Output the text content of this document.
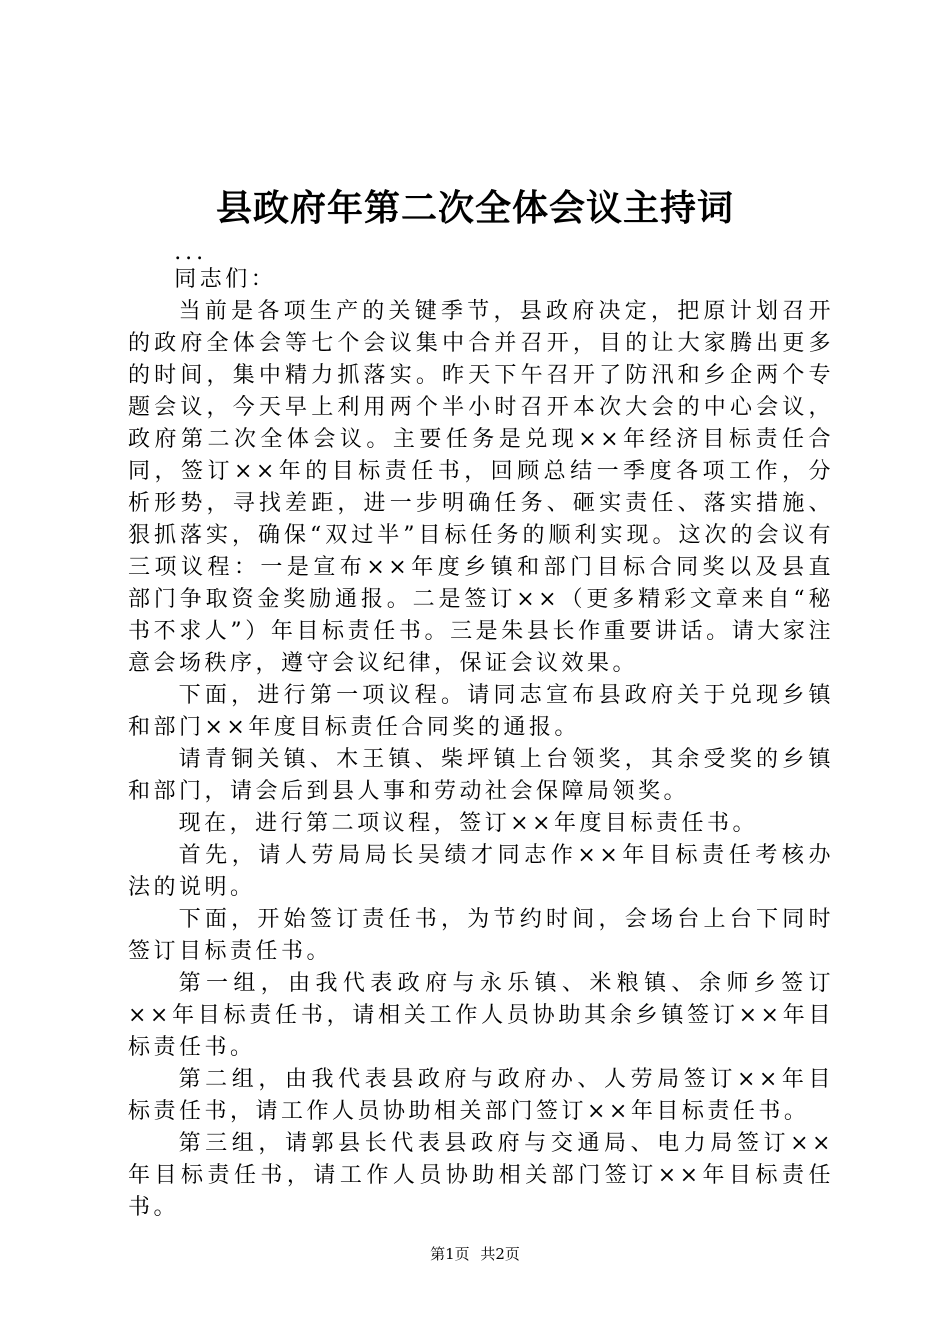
县政府年第二次全体会议主持词

...

同志们：

当前是各项生产的关键季节，县政府决定，把原计划召开的政府全体会等七个会议集中合并召开，目的让大家腾出更多的时间，集中精力抓落实。昨天下午召开了防汛和乡企两个专题会议，今天早上利用两个半小时召开本次大会的中心会议，政府第二次全体会议。主要任务是兑现××年经济目标责任合同，签订××年的目标责任书，回顾总结一季度各项工作，分析形势，寻找差距，进一步明确任务、砸实责任、落实措施、狠抓落实，确保“双过半”目标任务的顺利实现。这次的会议有三项议程：一是宣布××年度乡镇和部门目标合同奖以及县直部门争取资金奖励通报。二是签订××（更多精彩文章来自“秘书不求人”）年目标责任书。三是朱县长作重要讲话。请大家注意会场秩序，遵守会议纪律，保证会议效果。

下面，进行第一项议程。请同志宣布县政府关于兑现乡镇和部门××年度目标责任合同奖的通报。

请青铜关镇、木王镇、柴坪镇上台领奖，其余受奖的乡镇和部门，请会后到县人事和劳动社会保障局领奖。

现在，进行第二项议程，签订××年度目标责任书。

首先，请人劳局局长吴绩才同志作××年目标责任考核办法的说明。

下面，开始签订责任书，为节约时间，会场台上台下同时签订目标责任书。

第一组，由我代表政府与永乐镇、米粮镇、余师乡签订××年目标责任书，请相关工作人员协助其余乡镇签订××年目标责任书。

第二组，由我代表县政府与政府办、人劳局签订××年目标责任书，请工作人员协助相关部门签订××年目标责任书。

第三组，请郭县长代表县政府与交通局、电力局签订××年目标责任书，请工作人员协助相关部门签订××年目标责任书。

第1页 共2页
